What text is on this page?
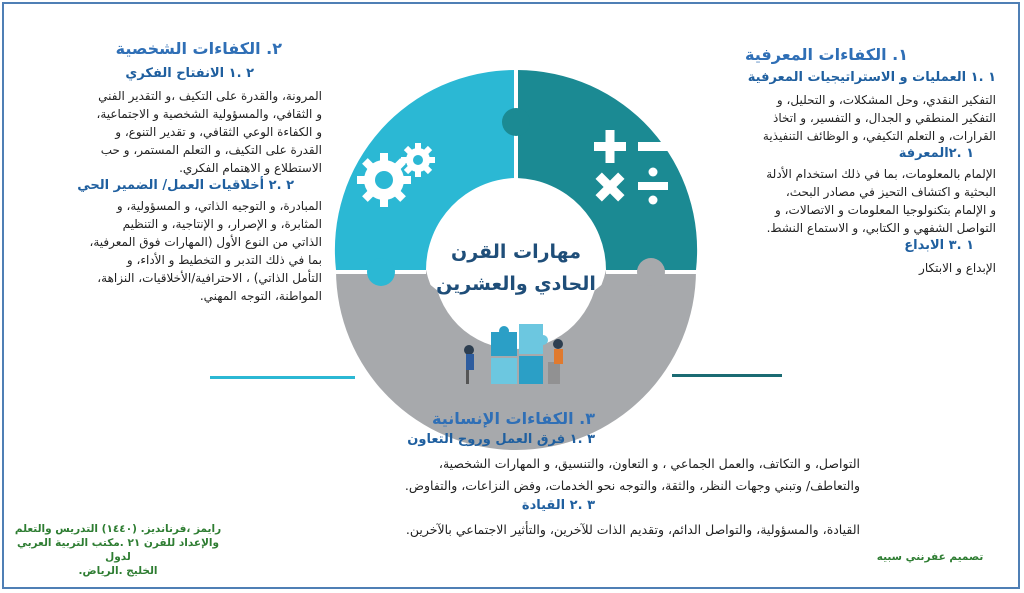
مهارات القرن
الحادي والعشرين
١. الكفاءات المعرفية
١ .١ العمليات و الاستراتيجيات المعرفية
التفكير النقدي، وحل المشكلات، و التحليل، و
التفكير المنطقي و الجدال، و التفسير، و اتخاذ
القرارات، و التعلم التكيفي، و الوظائف التنفيذية
١ .٢المعرفة
الإلمام بالمعلومات، بما في ذلك استخدام الأدلة
البحثية و اكتشاف التحيز في مصادر البحث،
و الإلمام بتكنولوجيا المعلومات و الاتصالات، و
التواصل الشفهي و الكتابي، و الاستماع النشط.
١ .٣ الابداع
الإبداع و الابتكار
٢. الكفاءات الشخصية
٢ .١ الانفتاح الفكري
المرونة، والقدرة على التكيف ،و التقدير الفني
و الثقافي، والمسؤولية الشخصية و الاجتماعية،
و الكفاءة الوعي الثقافي، و تقدير التنوع، و
القدرة على التكيف، و التعلم المستمر، و حب
الاستطلاع و الاهتمام الفكري.
٢ .٢ أخلاقيات العمل/ الضمير الحي
المبادرة، و التوجيه الذاتي، و المسؤولية، و
المثابرة، و الإصرار، و الإنتاجية، و التنظيم
الذاتي من النوع الأول (المهارات فوق المعرفية،
بما في ذلك التدبر و التخطيط و الأداء، و
التأمل الذاتي) ، الاحترافية/الأخلاقيات، النزاهة،
المواطنة، التوجه المهني.
٣. الكفاءات الإنسانية
٣ .١ فرق العمل وروح التعاون
التواصل، و التكاتف، والعمل الجماعي ، و التعاون، والتنسيق، و المهارات الشخصية،
والتعاطف/ وتبني وجهات النظر، والثقة، والتوجه نحو الخدمات، وفض النزاعات، والتفاوض.
٣ .٢ القيادة
القيادة، والمسؤولية، والتواصل الدائم، وتقديم الذات للآخرين، والتأثير الاجتماعي بالآخرين.
رايمز ،فرنانديز. (١٤٤٠) التدريس والتعلم
والإعداد للقرن ٢١ .مكتب التربية العربي لدول
الخليج .الرياض.
تصميم عفرنني سبيه
